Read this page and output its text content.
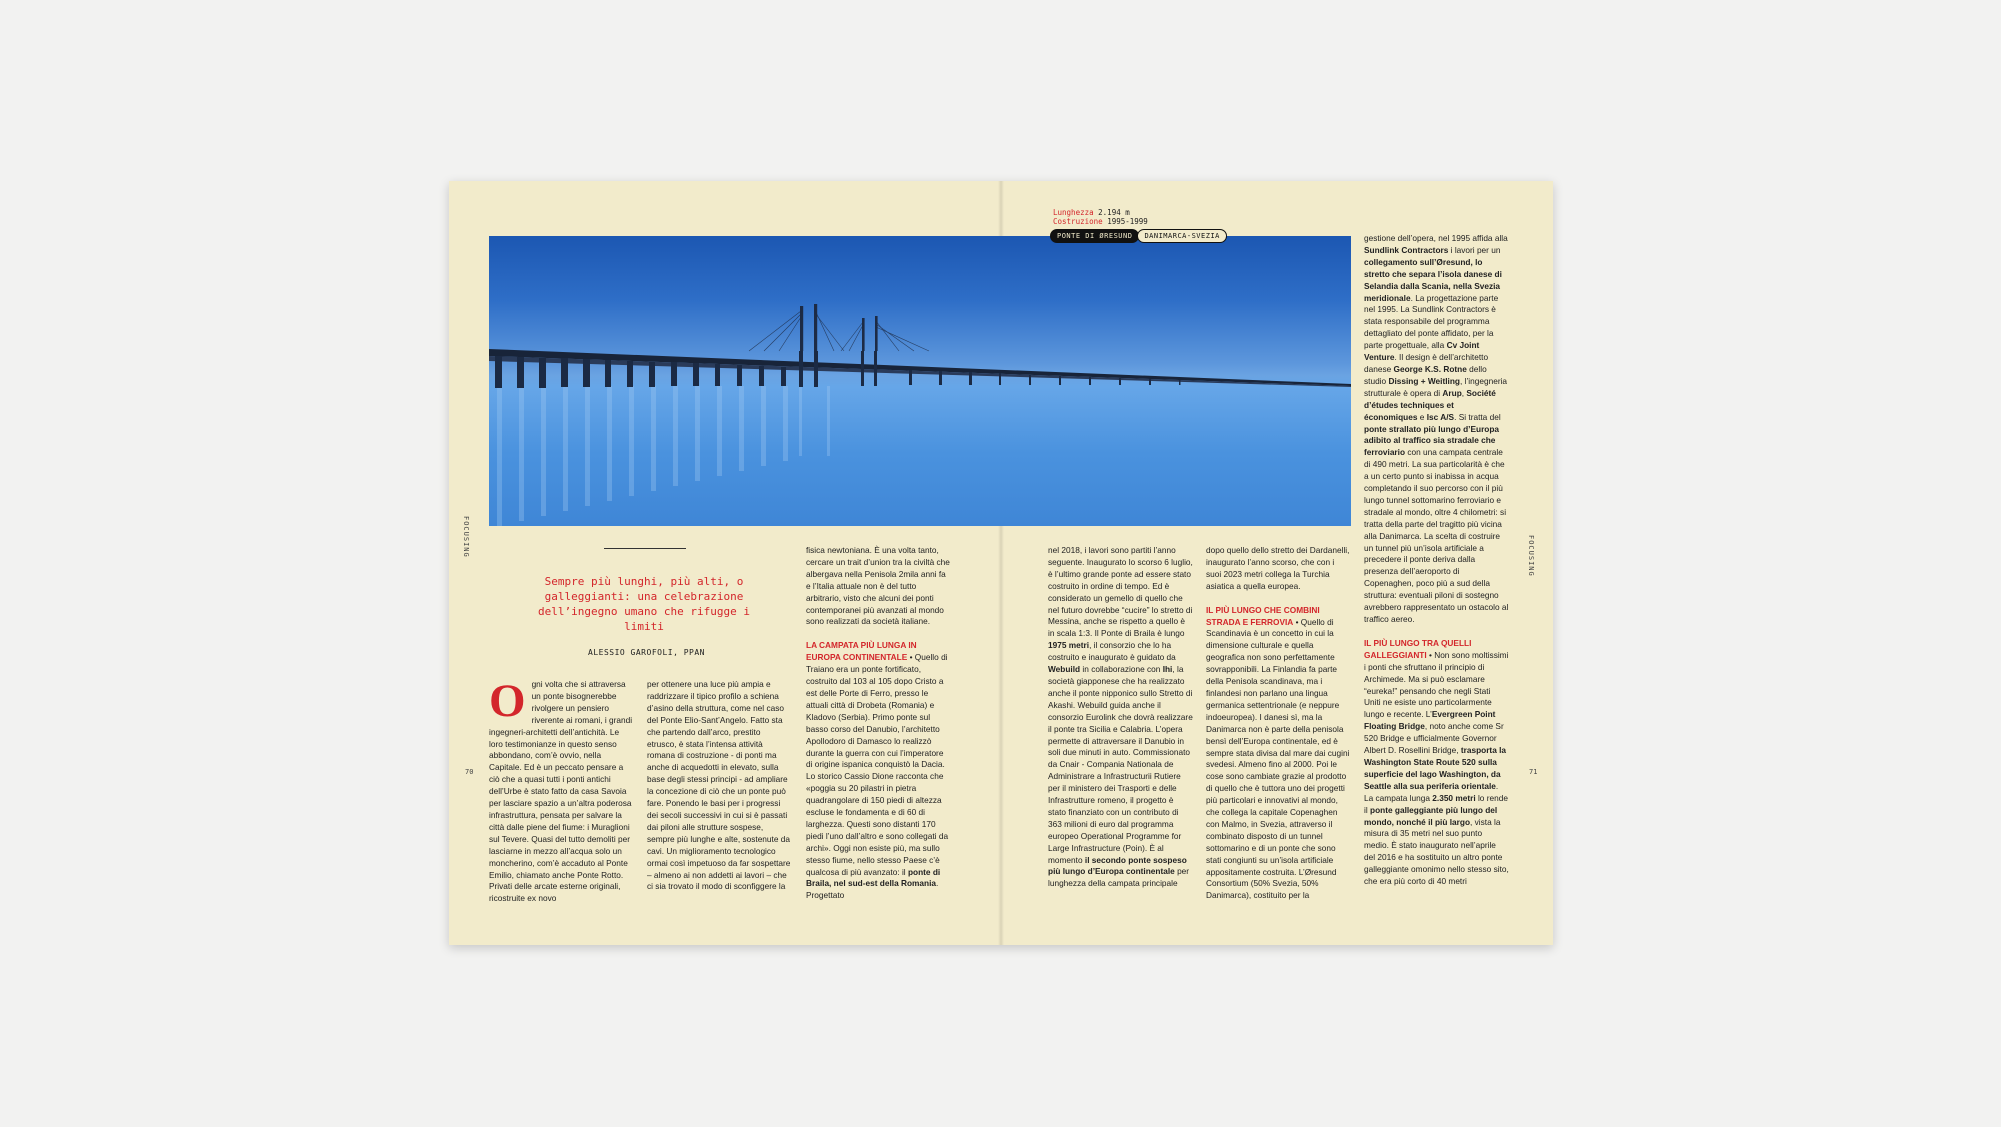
FOCUSING
70
Sempre più lunghi, più alti, o galleggianti: una celebrazione dell’ingegno umano che rifugge i limiti
ALESSIO GAROFOLI, PPAN
Ogni volta che si attraversa un ponte bisognerebbe rivolgere un pensiero riverente ai romani, i grandi ingegneri-architetti dell’antichità. Le loro testimonianze in questo senso abbondano, com’è ovvio, nella Capitale. Ed è un peccato pensare a ciò che a quasi tutti i ponti antichi dell’Urbe è stato fatto da casa Savoia per lasciare spazio a un’altra poderosa infrastruttura, pensata per salvare la città dalle piene del fiume: i Muraglioni sul Tevere. Quasi del tutto demoliti per lasciarne in mezzo all’acqua solo un moncherino, com’è accaduto al Ponte Emilio, chiamato anche Ponte Rotto. Privati delle arcate esterne originali, ricostruite ex novo
per ottenere una luce più ampia e raddrizzare il tipico profilo a schiena d’asino della struttura, come nel caso del Ponte Elio-Sant’Angelo. Fatto sta che partendo dall’arco, prestito etrusco, è stata l’intensa attività romana di costruzione - di ponti ma anche di acquedotti in elevato, sulla base degli stessi principi - ad ampliare la concezione di ciò che un ponte può fare. Ponendo le basi per i progressi dei secoli successivi in cui si è passati dai piloni alle strutture sospese, sempre più lunghe e alte, sostenute da cavi. Un miglioramento tecnologico ormai così impetuoso da far sospettare – almeno ai non addetti ai lavori – che ci sia trovato il modo di sconfiggere la

fisica newtoniana. È una volta tanto, cercare un trait d’union tra la civiltà che albergava nella Penisola 2mila anni fa e l’Italia attuale non è del tutto arbitrario, visto che alcuni dei ponti contemporanei più avanzati al mondo sono realizzati da società italiane.

LA CAMPATA PIÙ LUNGA IN EUROPA CONTINENTALE • Quello di Traiano era un ponte fortificato, costruito dal 103 al 105 dopo Cristo a est delle Porte di Ferro, presso le attuali città di Drobeta (Romania) e Kladovo (Serbia). Primo ponte sul basso corso del Danubio, l’architetto Apollodoro di Damasco lo realizzò durante la guerra con cui l’imperatore di origine ispanica conquistò la Dacia. Lo storico Cassio Dione racconta che «poggia su 20 pilastri in pietra quadrangolare di 150 piedi di altezza escluse le fondamenta e di 60 di larghezza. Questi sono distanti 170 piedi l’uno dall’altro e sono collegati da archi». Oggi non esiste più, ma sullo stesso fiume, nello stesso Paese c’è qualcosa di più avanzato: il ponte di Braila, nel sud-est della Romania. Progettato

Lunghezza 2.194 m
Costruzione 1995-1999
PONTE DI ØRESUND	DANIMARCA-SVEZIA
FOCUSING
71
nel 2018, i lavori sono partiti l’anno seguente. Inaugurato lo scorso 6 luglio, è l’ultimo grande ponte ad essere stato costruito in ordine di tempo. Ed è considerato un gemello di quello che nel futuro dovrebbe “cucire” lo stretto di Messina, anche se rispetto a quello è in scala 1:3. Il Ponte di Braila è lungo 1975 metri, il consorzio che lo ha costruito e inaugurato è guidato da Webuild in collaborazione con Ihi, la società giapponese che ha realizzato anche il ponte nipponico sullo Stretto di Akashi. Webuild guida anche il consorzio Eurolink che dovrà realizzare il ponte tra Sicilia e Calabria. L’opera permette di attraversare il Danubio in soli due minuti in auto. Commissionato da Cnair - Compania Nationala de Administrare a Infrastructurii Rutiere per il ministero dei Trasporti e delle Infrastrutture romeno, il progetto è stato finanziato con un contributo di 363 milioni di euro dal programma europeo Operational Programme for Large Infrastructure (Poin). È al momento il secondo ponte sospeso più lungo d’Europa continentale per lunghezza della campata principale

dopo quello dello stretto dei Dardanelli, inaugurato l’anno scorso, che con i suoi 2023 metri collega la Turchia asiatica a quella europea.

IL PIÙ LUNGO CHE COMBINI STRADA E FERROVIA • Quello di Scandinavia è un concetto in cui la dimensione culturale e quella geografica non sono perfettamente sovrapponibili. La Finlandia fa parte della Penisola scandinava, ma i finlandesi non parlano una lingua germanica settentrionale (e neppure indoeuropea). I danesi sì, ma la Danimarca non è parte della penisola bensì dell’Europa continentale, ed è sempre stata divisa dal mare dai cugini svedesi. Almeno fino al 2000. Poi le cose sono cambiate grazie al prodotto di quello che è tuttora uno dei progetti più particolari e innovativi al mondo, che collega la capitale Copenaghen con Malmo, in Svezia, attraverso il combinato disposto di un tunnel sottomarino e di un ponte che sono stati congiunti su un’isola artificiale appositamente costruita. L’Øresund Consortium (50% Svezia, 50% Danimarca), costituito per la

gestione dell’opera, nel 1995 affida alla Sundlink Contractors i lavori per un collegamento sull’Øresund, lo stretto che separa l’isola danese di Selandia dalla Scania, nella Svezia meridionale. La progettazione parte nel 1995. La Sundlink Contractors è stata responsabile del programma dettagliato del ponte affidato, per la parte progettuale, alla Cv Joint Venture. Il design è dell’architetto danese George K.S. Rotne dello studio Dissing + Weitling, l’ingegneria strutturale è opera di Arup, Société d’études techniques et économiques e Isc A/S. Si tratta del ponte strallato più lungo d’Europa adibito al traffico sia stradale che ferroviario con una campata centrale di 490 metri. La sua particolarità è che a un certo punto si inabissa in acqua completando il suo percorso con il più lungo tunnel sottomarino ferroviario e stradale al mondo, oltre 4 chilometri: si tratta della parte del tragitto più vicina alla Danimarca. La scelta di costruire un tunnel più un’isola artificiale a precedere il ponte deriva dalla presenza dell’aeroporto di Copenaghen, poco più a sud della struttura: eventuali piloni di sostegno avrebbero rappresentato un ostacolo al traffico aereo.

IL PIÙ LUNGO TRA QUELLI GALLEGGIANTI • Non sono moltissimi i ponti che sfruttano il principio di Archimede. Ma si può esclamare “eureka!” pensando che negli Stati Uniti ne esiste uno particolarmente lungo e recente. L’Evergreen Point Floating Bridge, noto anche come Sr 520 Bridge e ufficialmente Governor Albert D. Rosellini Bridge, trasporta la Washington State Route 520 sulla superficie del lago Washington, da Seattle alla sua periferia orientale. La campata lunga 2.350 metri lo rende il ponte galleggiante più lungo del mondo, nonché il più largo, vista la misura di 35 metri nel suo punto medio. È stato inaugurato nell’aprile del 2016 e ha sostituito un altro ponte galleggiante omonimo nello stesso sito, che era più corto di 40 metri
